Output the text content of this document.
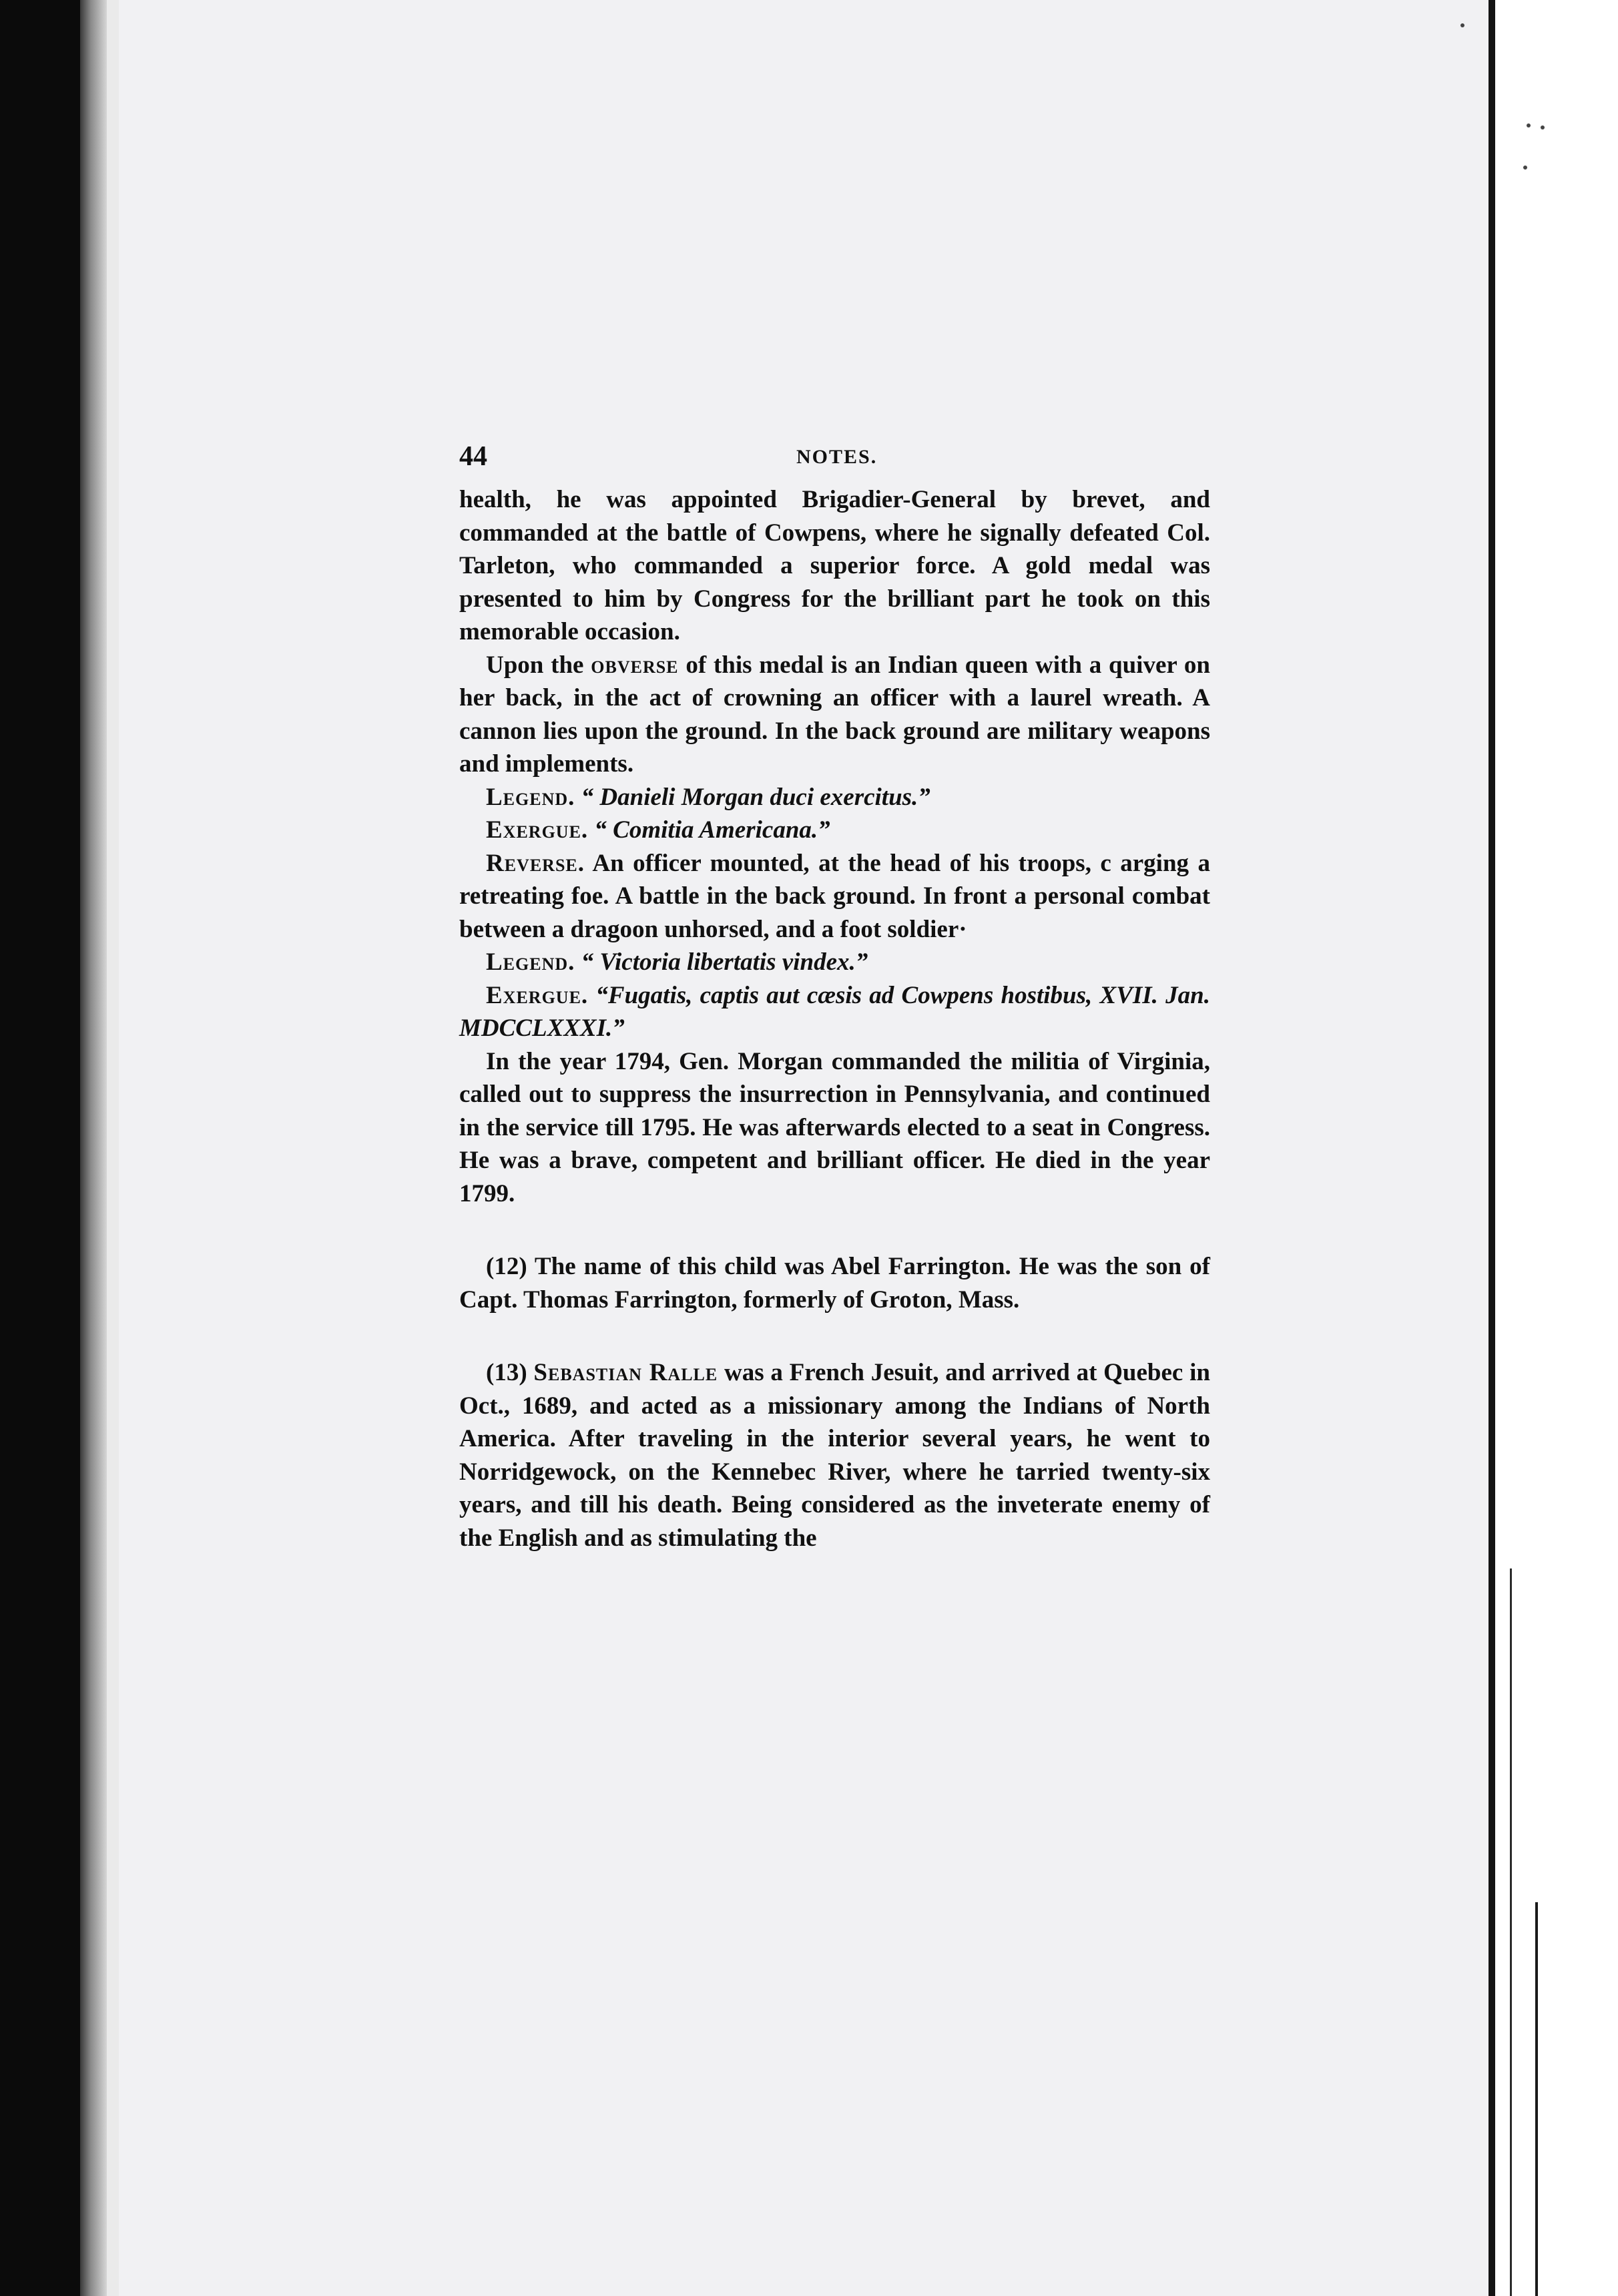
44	NOTES.

health, he was appointed Brigadier-General by brevet, and commanded at the battle of Cowpens, where he signally defeated Col. Tarleton, who commanded a superior force. A gold medal was presented to him by Congress for the brilliant part he took on this memorable occasion.

Upon the obverse of this medal is an Indian queen with a quiver on her back, in the act of crowning an officer with a laurel wreath. A cannon lies upon the ground. In the back ground are military weapons and implements.

Legend. “ Danieli Morgan duci exercitus.”

Exergue. “ Comitia Americana.”

Reverse. An officer mounted, at the head of his troops, c arging a retreating foe. A battle in the back ground. In front a personal combat between a dragoon unhorsed, and a foot soldier·

Legend. “ Victoria libertatis vindex.”

Exergue. “Fugatis, captis aut cæsis ad Cowpens hostibus, XVII. Jan. MDCCLXXXI.”

In the year 1794, Gen. Morgan commanded the militia of Virginia, called out to suppress the insurrection in Pennsylvania, and continued in the service till 1795. He was afterwards elected to a seat in Congress. He was a brave, competent and brilliant officer. He died in the year 1799.

(12) The name of this child was Abel Farrington. He was the son of Capt. Thomas Farrington, formerly of Groton, Mass.

(13) Sebastian Ralle was a French Jesuit, and arrived at Quebec in Oct., 1689, and acted as a missionary among the Indians of North America. After traveling in the interior several years, he went to Norridgewock, on the Kennebec River, where he tarried twenty-six years, and till his death. Being considered as the inveterate enemy of the English and as stimulating the
